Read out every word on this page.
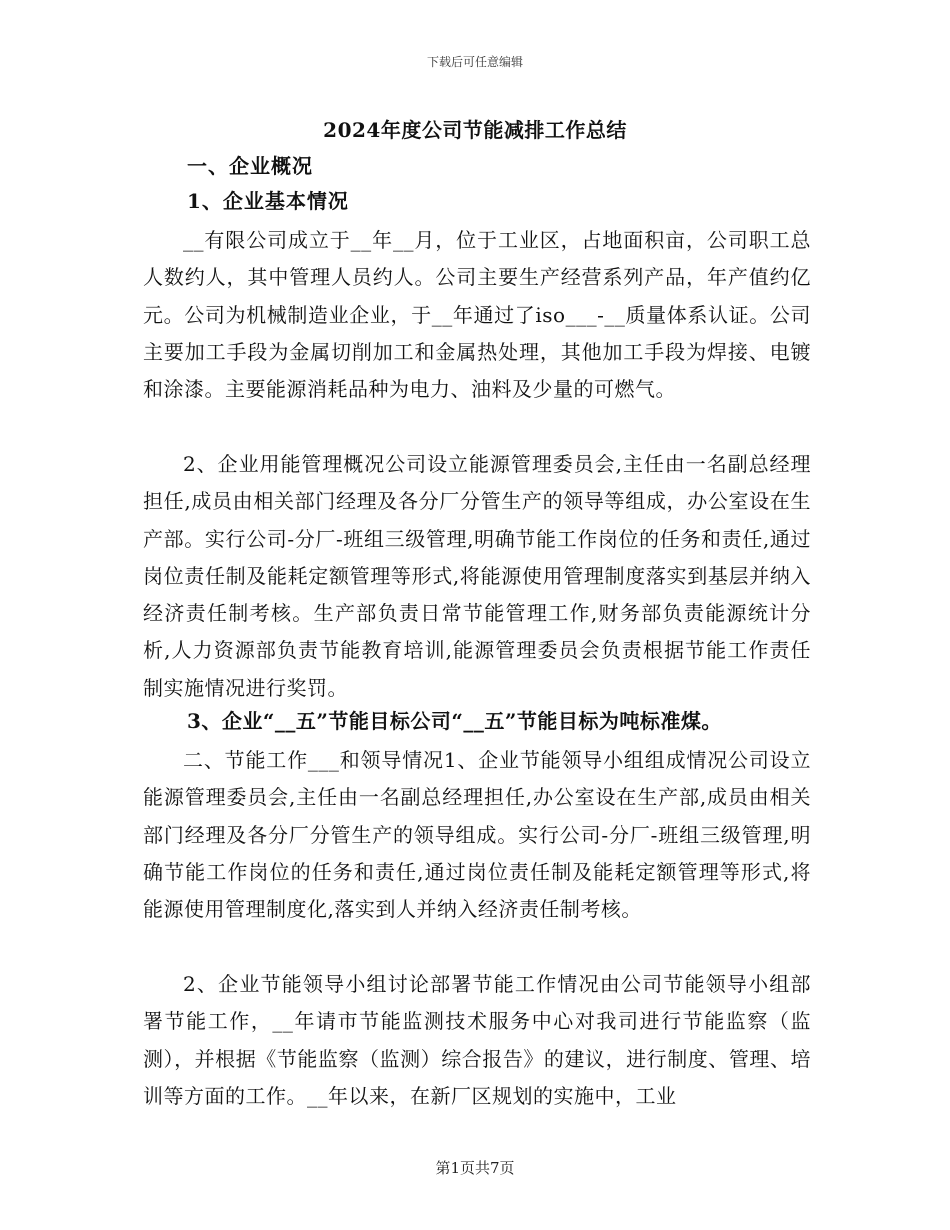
下载后可任意编辑
2024年度公司节能减排工作总结
一、企业概况
1、企业基本情况
__有限公司成立于__年__月，位于工业区，占地面积亩，公司职工总人数约人，其中管理人员约人。公司主要生产经营系列产品，年产值约亿元。公司为机械制造业企业，于__年通过了iso___-__质量体系认证。公司主要加工手段为金属切削加工和金属热处理，其他加工手段为焊接、电镀和涂漆。主要能源消耗品种为电力、油料及少量的可燃气。
2、企业用能管理概况公司设立能源管理委员会,主任由一名副总经理担任,成员由相关部门经理及各分厂分管生产的领导等组成，办公室设在生产部。实行公司-分厂-班组三级管理,明确节能工作岗位的任务和责任,通过岗位责任制及能耗定额管理等形式,将能源使用管理制度落实到基层并纳入经济责任制考核。生产部负责日常节能管理工作,财务部负责能源统计分析,人力资源部负责节能教育培训,能源管理委员会负责根据节能工作责任制实施情况进行奖罚。
3、企业“__五”节能目标公司“__五”节能目标为吨标准煤。
二、节能工作___和领导情况1、企业节能领导小组组成情况公司设立能源管理委员会,主任由一名副总经理担任,办公室设在生产部,成员由相关部门经理及各分厂分管生产的领导组成。实行公司-分厂-班组三级管理,明确节能工作岗位的任务和责任,通过岗位责任制及能耗定额管理等形式,将能源使用管理制度化,落实到人并纳入经济责任制考核。
2、企业节能领导小组讨论部署节能工作情况由公司节能领导小组部署节能工作，__年请市节能监测技术服务中心对我司进行节能监察（监测），并根据《节能监察（监测）综合报告》的建议，进行制度、管理、培训等方面的工作。__年以来，在新厂区规划的实施中，工业
第1页共7页
